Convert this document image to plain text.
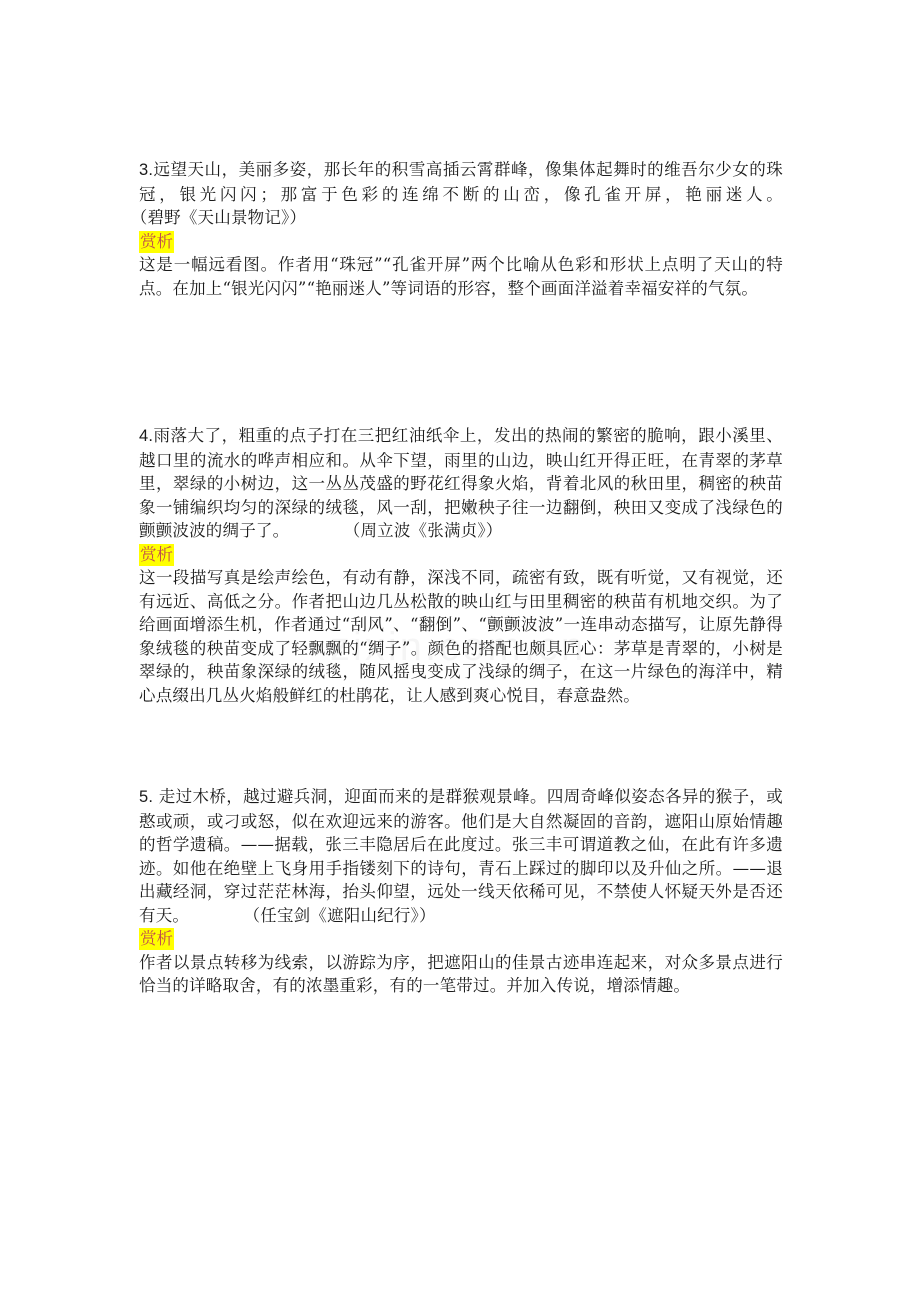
3.远望天山，美丽多姿，那长年的积雪高插云霄群峰，像集体起舞时的维吾尔少女的珠冠，银光闪闪；那富于色彩的连绵不断的山峦，像孔雀开屏，艳丽迷人。（碧野《天山景物记》）

赏析

这是一幅远看图。作者用“珠冠”“孔雀开屏”两个比喻从色彩和形状上点明了天山的特点。在加上“银光闪闪”“艳丽迷人”等词语的形容，整个画面洋溢着幸福安祥的气氛。

4.雨落大了，粗重的点子打在三把红油纸伞上，发出的热闹的繁密的脆响，跟小溪里、越口里的流水的哗声相应和。从伞下望，雨里的山边，映山红开得正旺，在青翠的茅草里，翠绿的小树边，这一丛丛茂盛的野花红得象火焰，背着北风的秋田里，稠密的秧苗象一铺编织均匀的深绿的绒毯，风一刮，把嫩秧子往一边翻倒，秧田又变成了浅绿色的颤颤波波的绸子了。          （周立波《张满贞》）

赏析

这一段描写真是绘声绘色，有动有静，深浅不同，疏密有致，既有听觉，又有视觉，还有远近、高低之分。作者把山边几丛松散的映山红与田里稠密的秧苗有机地交织。为了给画面增添生机，作者通过“刮风”、“翻倒”、“颤颤波波”一连串动态描写，让原先静得象绒毯的秧苗变成了轻飘飘的“绸子”。颜色的搭配也颇具匠心：茅草是青翠的，小树是翠绿的，秧苗象深绿的绒毯，随风摇曳变成了浅绿的绸子，在这一片绿色的海洋中，精心点缀出几丛火焰般鲜红的杜鹃花，让人感到爽心悦目，春意盎然。

5. 走过木桥，越过避兵洞，迎面而来的是群猴观景峰。四周奇峰似姿态各异的猴子，或憨或顽，或刁或怒，似在欢迎远来的游客。他们是大自然凝固的音韵，遮阳山原始情趣的哲学遗稿。——据载，张三丰隐居后在此度过。张三丰可谓道教之仙，在此有许多遗迹。如他在绝壁上飞身用手指镂刻下的诗句，青石上踩过的脚印以及升仙之所。——退出藏经洞，穿过茫茫林海，抬头仰望，远处一线天依稀可见，不禁使人怀疑天外是否还有天。          （任宝剑《遮阳山纪行》）

赏析

作者以景点转移为线索，以游踪为序，把遮阳山的佳景古迹串连起来，对众多景点进行恰当的详略取舍，有的浓墨重彩，有的一笔带过。并加入传说，增添情趣。
